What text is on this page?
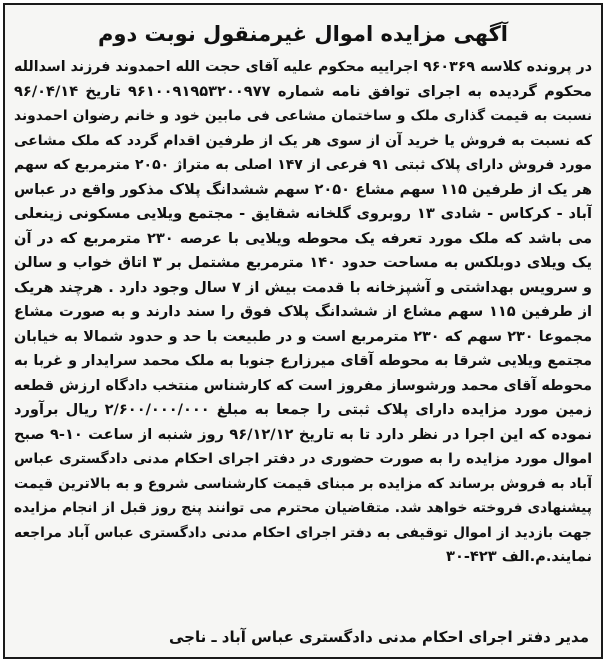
آگهی مزایده اموال غیرمنقول نوبت دوم
در پرونده کلاسه ۹۶۰۳۶۹ اجراییه محکوم علیه آقای حجت الله احمدوند فرزند اسدالله
محکوم گردیده به اجرای توافق نامه شماره ۹۶۱۰۰۹۱۹۵۳۲۰۰۹۷۷ تاریخ ۹۶/۰۴/۱۴
نسبت به قیمت گذاری ملک و ساختمان مشاعی فی مابین خود و خانم رضوان احمدوند
که نسبت به فروش یا خرید آن از سوی هر یک از طرفین اقدام گردد که ملک مشاعی
مورد فروش دارای پلاک ثبتی ۹۱ فرعی از ۱۴۷ اصلی به متراژ ۲۰۵۰ مترمربع که سهم
هر یک از طرفین ۱۱۵ سهم مشاع ۲۰۵۰ سهم ششدانگ پلاک مذکور واقع در عباس
آباد - کرکاس - شادی ۱۳ روبروی گلخانه شقایق - مجتمع ویلایی مسکونی زینعلی
می باشد که ملک مورد تعرفه یک محوطه ویلایی با عرصه ۲۳۰ مترمربع که در آن
یک ویلای دوبلکس به مساحت حدود ۱۴۰ مترمربع مشتمل بر ۳ اتاق خواب و سالن
و سرویس بهداشتی و آشپزخانه با قدمت بیش از ۷ سال وجود دارد . هرچند هریک
از طرفین ۱۱۵ سهم مشاع از ششدانگ پلاک فوق را سند دارند و به صورت مشاع
مجموعا ۲۳۰ سهم که ۲۳۰ مترمربع است و در طبیعت با حد و حدود شمالا به خیابان
مجتمع ویلایی شرقا به محوطه آقای میرزارع جنوبا به ملک محمد سرایدار و غربا به
محوطه آقای محمد ورشوساز مفروز است که کارشناس منتخب دادگاه ارزش قطعه
زمین مورد مزایده دارای پلاک ثبتی را جمعا به مبلغ ۲/۶۰۰/۰۰۰/۰۰۰ ریال برآورد
نموده که این اجرا در نظر دارد تا به تاریخ ۹۶/۱۲/۱۲ روز شنبه از ساعت ۱۰-۹ صبح
اموال مورد مزایده را به صورت حضوری در دفتر اجرای احکام مدنی دادگستری عباس
آباد به فروش برساند که مزایده بر مبنای قیمت کارشناسی شروع و به بالاترین قیمت
پیشنهادی فروخته خواهد شد. متقاضیان محترم می توانند پنج روز قبل از انجام مزایده
جهت بازدید از اموال توقیفی به دفتر اجرای احکام مدنی دادگستری عباس آباد مراجعه
نمایند.م.الف ۴۲۳-۳۰
مدیر دفتر اجرای احکام مدنی دادگستری عباس آباد ـ ناجی
